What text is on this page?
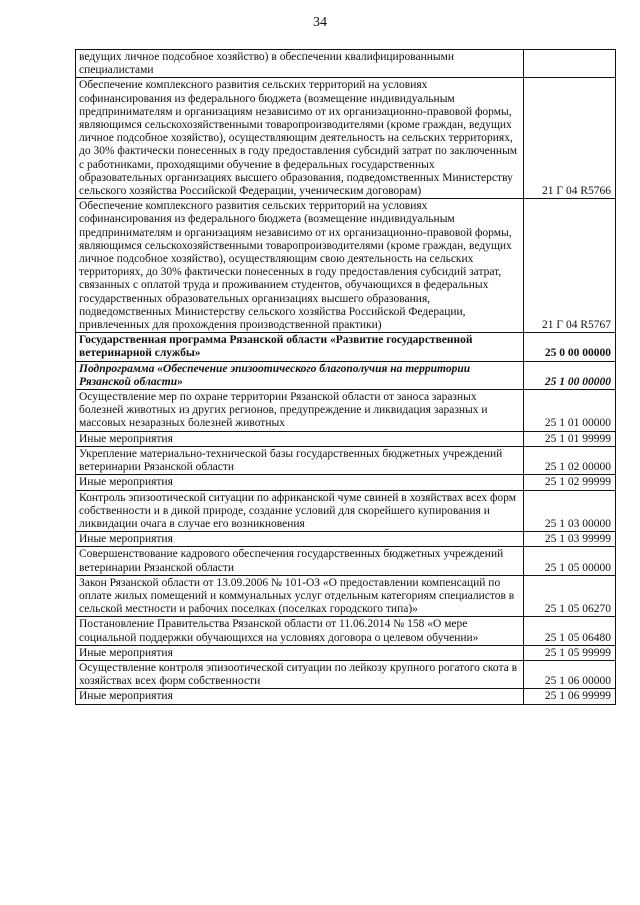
34
ведущих личное подсобное хозяйство) в обеспечении квалифицированными специалистами	
Обеспечение комплексного развития сельских территорий на условиях софинансирования из федерального бюджета (возмещение индивидуальным предпринимателям и организациям независимо от их организационно-правовой формы, являющимся сельскохозяйственными товаропроизводителями (кроме граждан, ведущих личное подсобное хозяйство), осуществляющим деятельность на сельских территориях, до 30% фактически понесенных в году предоставления субсидий затрат по заключенным с работниками, проходящими обучение в федеральных государственных образовательных организациях высшего образования, подведомственных Министерству сельского хозяйства Российской Федерации, ученическим договорам)	21 Г 04 R5766
Обеспечение комплексного развития сельских территорий на условиях софинансирования из федерального бюджета (возмещение индивидуальным предпринимателям и организациям независимо от их организационно-правовой формы, являющимся сельскохозяйственными товаропроизводителями (кроме граждан, ведущих личное подсобное хозяйство), осуществляющим свою деятельность на сельских территориях, до 30% фактически понесенных в году предоставления субсидий затрат, связанных с оплатой труда и проживанием студентов, обучающихся в федеральных государственных образовательных организациях высшего образования, подведомственных Министерству сельского хозяйства Российской Федерации, привлеченных для прохождения производственной практики)	21 Г 04 R5767
Государственная программа Рязанской области «Развитие государственной ветеринарной службы»	25 0 00 00000
Подпрограмма «Обеспечение эпизоотического благополучия на территории Рязанской области»	25 1 00 00000
Осуществление мер по охране территории Рязанской области от заноса заразных болезней животных из других регионов, предупреждение и ликвидация заразных и массовых незаразных болезней животных	25 1 01 00000
Иные мероприятия	25 1 01 99999
Укрепление материально-технической базы государственных бюджетных учреждений ветеринарии Рязанской области	25 1 02 00000
Иные мероприятия	25 1 02 99999
Контроль эпизоотической ситуации по африканской чуме свиней в хозяйствах всех форм собственности и в дикой природе, создание условий для скорейшего купирования и ликвидации очага в случае его возникновения	25 1 03 00000
Иные мероприятия	25 1 03 99999
Совершенствование кадрового обеспечения государственных бюджетных учреждений ветеринарии Рязанской области	25 1 05 00000
Закон Рязанской области от 13.09.2006 № 101-ОЗ «О предоставлении компенсаций по оплате жилых помещений и коммунальных услуг отдельным категориям специалистов в сельской местности и рабочих поселках (поселках городского типа)»	25 1 05 06270
Постановление Правительства Рязанской области от 11.06.2014 № 158 «О мере социальной поддержки обучающихся на условиях договора о целевом обучении»	25 1 05 06480
Иные мероприятия	25 1 05 99999
Осуществление контроля эпизоотической ситуации по лейкозу крупного рогатого скота в хозяйствах всех форм собственности	25 1 06 00000
Иные мероприятия	25 1 06 99999
